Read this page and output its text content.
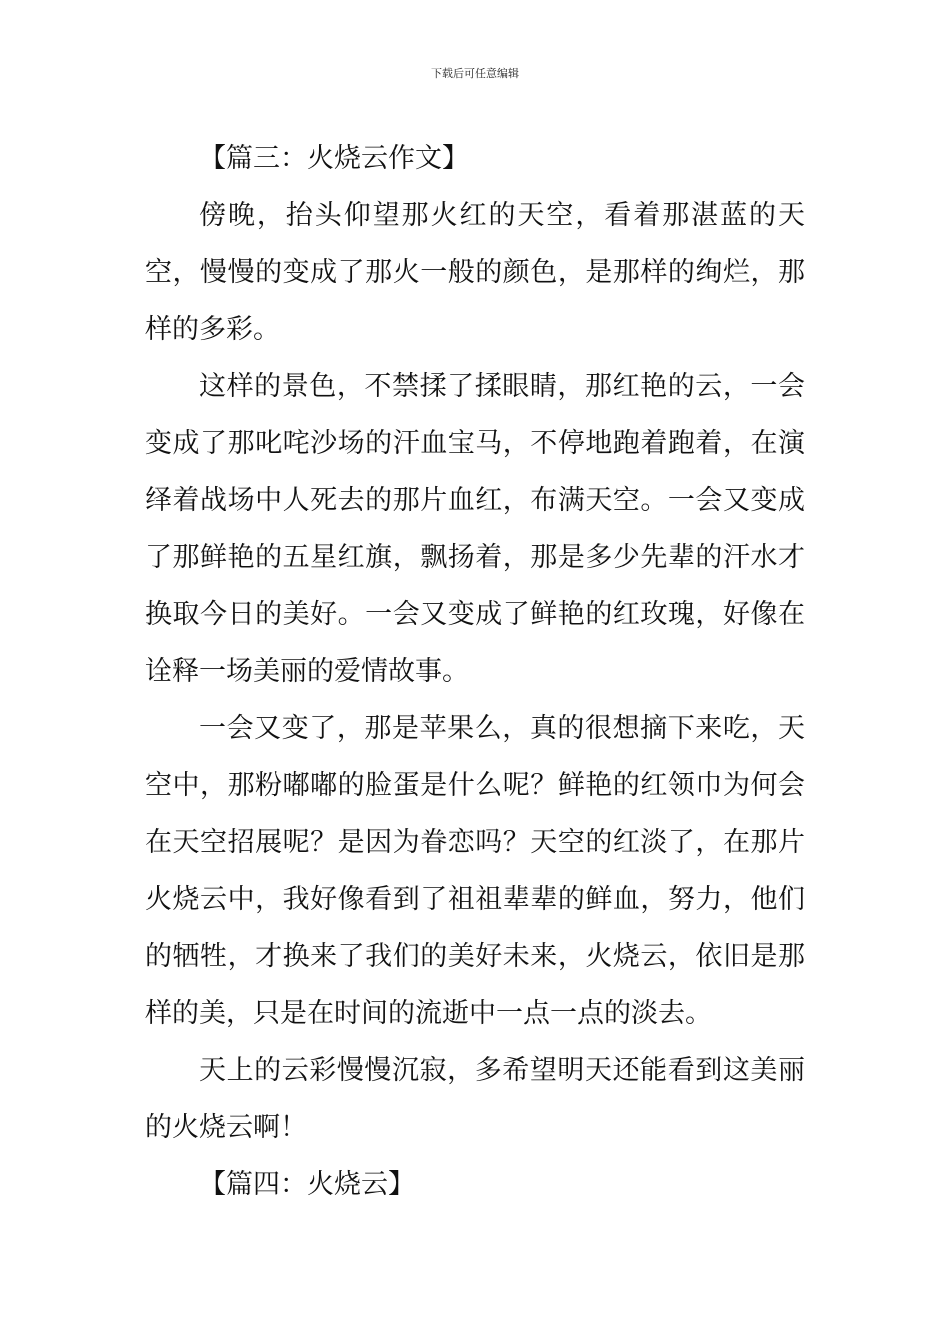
下载后可任意编辑

【篇三：火烧云作文】

傍晚，抬头仰望那火红的天空，看着那湛蓝的天空，慢慢的变成了那火一般的颜色，是那样的绚烂，那样的多彩。

这样的景色，不禁揉了揉眼睛，那红艳的云，一会变成了那叱咤沙场的汗血宝马，不停地跑着跑着，在演绎着战场中人死去的那片血红，布满天空。一会又变成了那鲜艳的五星红旗，飘扬着，那是多少先辈的汗水才换取今日的美好。一会又变成了鲜艳的红玫瑰，好像在诠释一场美丽的爱情故事。

一会又变了，那是苹果么，真的很想摘下来吃，天空中，那粉嘟嘟的脸蛋是什么呢？鲜艳的红领巾为何会在天空招展呢？是因为眷恋吗？天空的红淡了，在那片火烧云中，我好像看到了祖祖辈辈的鲜血，努力，他们的牺牲，才换来了我们的美好未来，火烧云，依旧是那样的美，只是在时间的流逝中一点一点的淡去。

天上的云彩慢慢沉寂，多希望明天还能看到这美丽的火烧云啊！

【篇四：火烧云】
